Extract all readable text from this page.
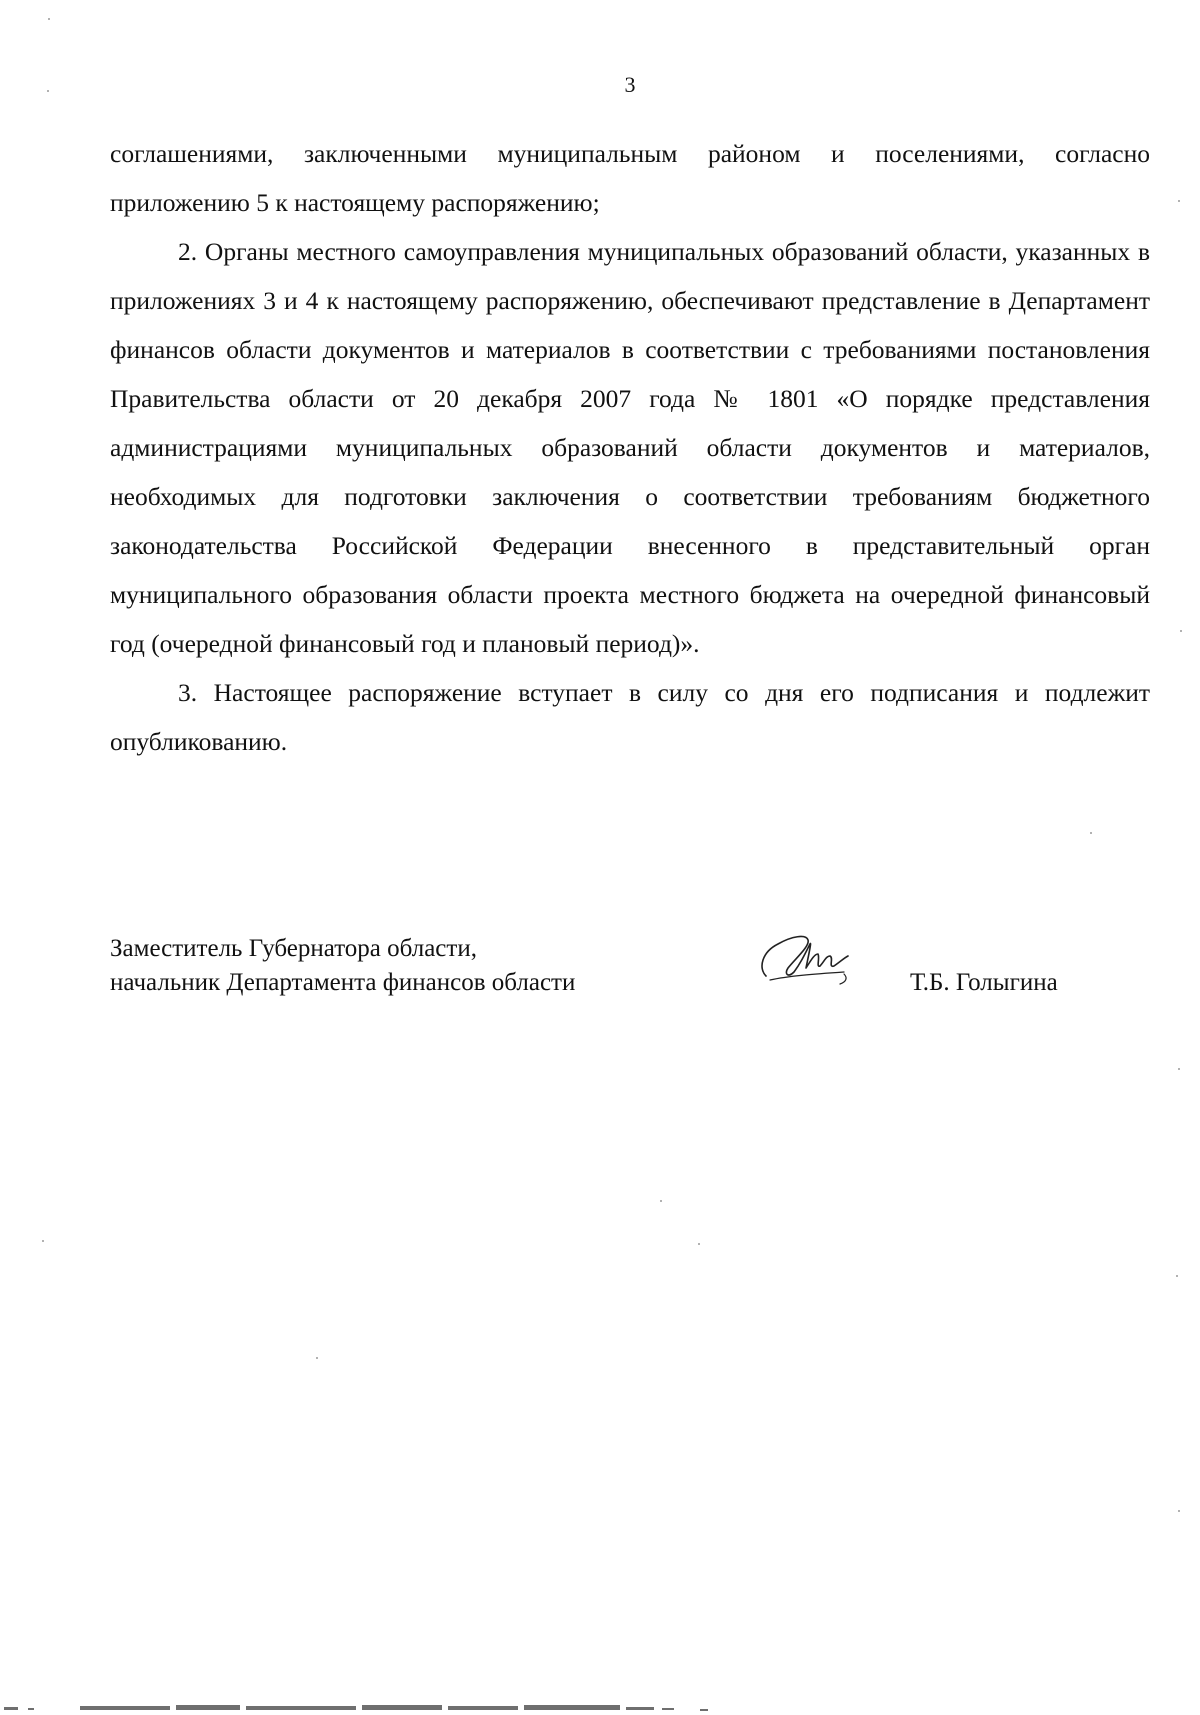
3

соглашениями, заключенными муниципальным районом и поселениями, согласно приложению 5 к настоящему распоряжению;

2. Органы местного самоуправления муниципальных образований области, указанных в приложениях 3 и 4 к настоящему распоряжению, обеспечивают представление в Департамент финансов области документов и материалов в соответствии с требованиями постановления Правительства области от 20 декабря 2007 года № 1801 «О порядке представления администрациями муниципальных образований области документов и материалов, необходимых для подготовки заключения о соответствии требованиям бюджетного законодательства Российской Федерации внесенного в представительный орган муниципального образования области проекта местного бюджета на очередной финансовый год (очередной финансовый год и плановый период)».

3. Настоящее распоряжение вступает в силу со дня его подписания и подлежит опубликованию.

Заместитель Губернатора области,
начальник Департамента финансов области	Т.Б. Голыгина
